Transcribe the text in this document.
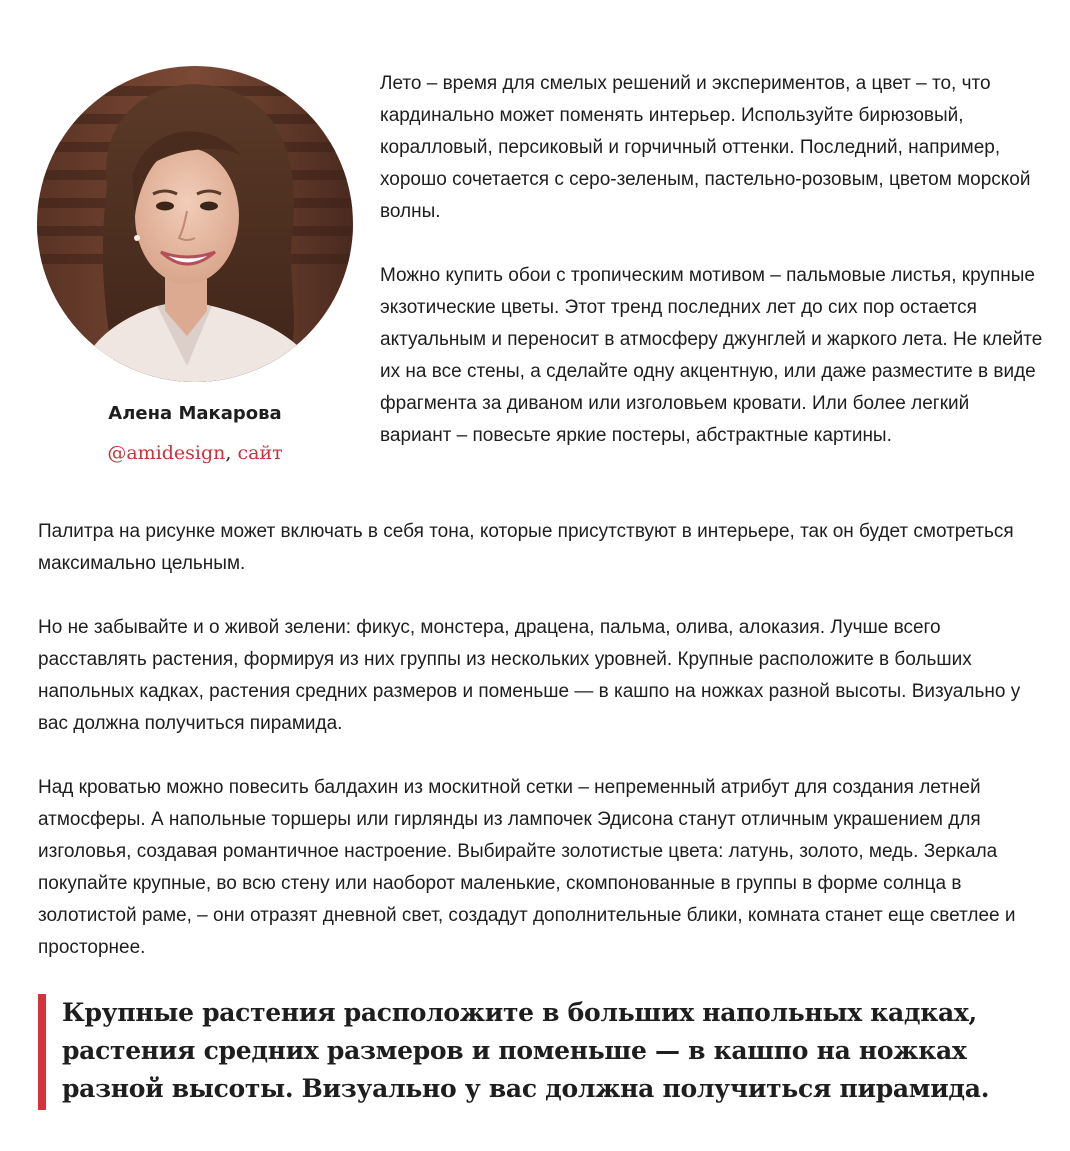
Алена Макарова
@amidesign, сайт

Лето – время для смелых решений и экспериментов, а цвет – то, что кардинально может поменять интерьер. Используйте бирюзовый, коралловый, персиковый и горчичный оттенки. Последний, например, хорошо сочетается с серо-зеленым, пастельно-розовым, цветом морской волны.

Можно купить обои с тропическим мотивом – пальмовые листья, крупные экзотические цветы. Этот тренд последних лет до сих пор остается актуальным и переносит в атмосферу джунглей и жаркого лета. Не клейте их на все стены, а сделайте одну акцентную, или даже разместите в виде фрагмента за диваном или изголовьем кровати. Или более легкий вариант – повесьте яркие постеры, абстрактные картины.

Палитра на рисунке может включать в себя тона, которые присутствуют в интерьере, так он будет смотреться максимально цельным.

Но не забывайте и о живой зелени: фикус, монстера, драцена, пальма, олива, алоказия. Лучше всего расставлять растения, формируя из них группы из нескольких уровней. Крупные расположите в больших напольных кадках, растения средних размеров и поменьше — в кашпо на ножках разной высоты. Визуально у вас должна получиться пирамида.

Над кроватью можно повесить балдахин из москитной сетки – непременный атрибут для создания летней атмосферы. А напольные торшеры или гирлянды из лампочек Эдисона станут отличным украшением для изголовья, создавая романтичное настроение. Выбирайте золотистые цвета: латунь, золото, медь. Зеркала покупайте крупные, во всю стену или наоборот маленькие, скомпонованные в группы в форме солнца в золотистой раме, – они отразят дневной свет, создадут дополнительные блики, комната станет еще светлее и просторнее.

Крупные растения расположите в больших напольных кадках, растения средних размеров и поменьше — в кашпо на ножках разной высоты. Визуально у вас должна получиться пирамида.
